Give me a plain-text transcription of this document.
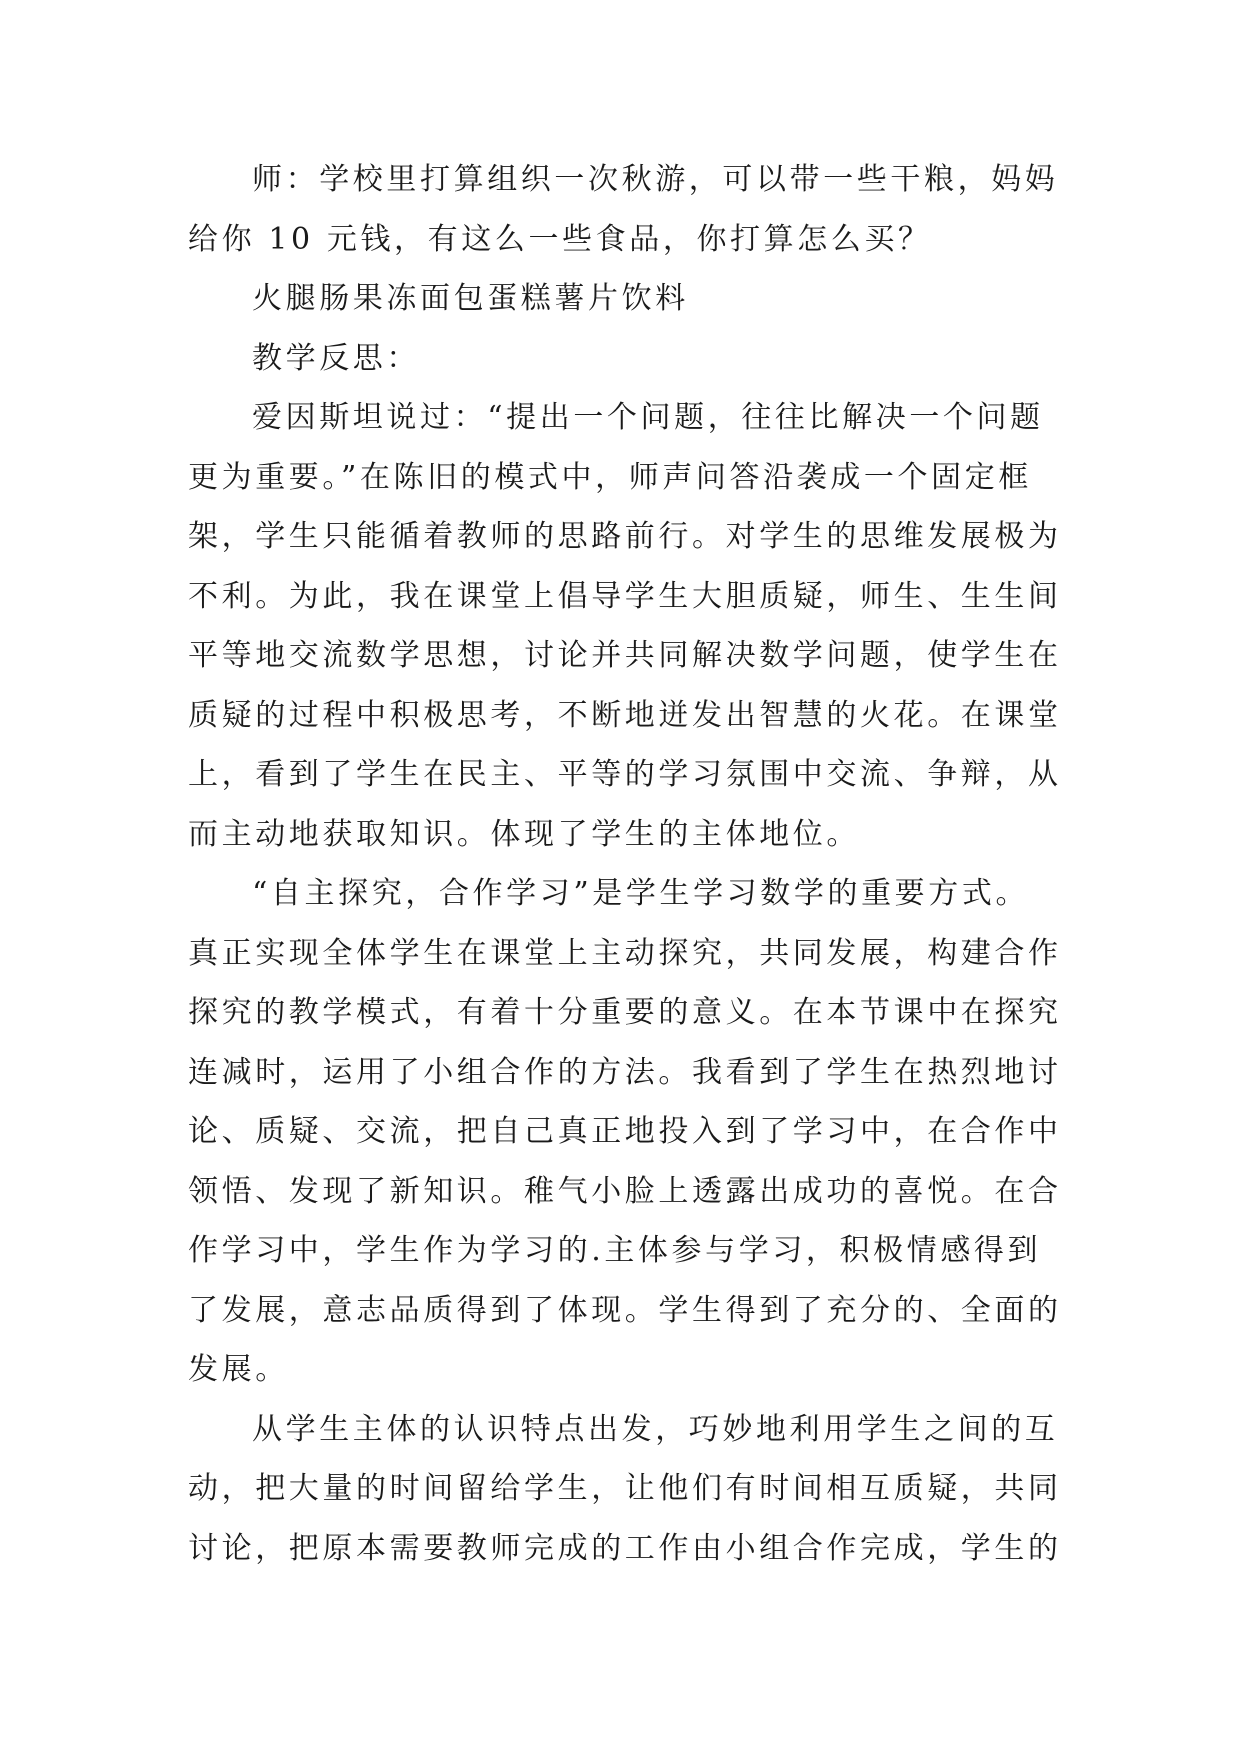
师：学校里打算组织一次秋游，可以带一些干粮，妈妈
给你 10 元钱，有这么一些食品，你打算怎么买？
火腿肠果冻面包蛋糕薯片饮料
教学反思：
爱因斯坦说过：“提出一个问题，往往比解决一个问题
更为重要。”在陈旧的模式中，师声问答沿袭成一个固定框
架，学生只能循着教师的思路前行。对学生的思维发展极为
不利。为此，我在课堂上倡导学生大胆质疑，师生、生生间
平等地交流数学思想，讨论并共同解决数学问题，使学生在
质疑的过程中积极思考，不断地迸发出智慧的火花。在课堂
上，看到了学生在民主、平等的学习氛围中交流、争辩，从
而主动地获取知识。体现了学生的主体地位。
“自主探究，合作学习”是学生学习数学的重要方式。
真正实现全体学生在课堂上主动探究，共同发展，构建合作
探究的教学模式，有着十分重要的意义。在本节课中在探究
连减时，运用了小组合作的方法。我看到了学生在热烈地讨
论、质疑、交流，把自己真正地投入到了学习中，在合作中
领悟、发现了新知识。稚气小脸上透露出成功的喜悦。在合
作学习中，学生作为学习的.主体参与学习，积极情感得到
了发展，意志品质得到了体现。学生得到了充分的、全面的
发展。
从学生主体的认识特点出发，巧妙地利用学生之间的互
动，把大量的时间留给学生，让他们有时间相互质疑，共同
讨论，把原本需要教师完成的工作由小组合作完成，学生的
